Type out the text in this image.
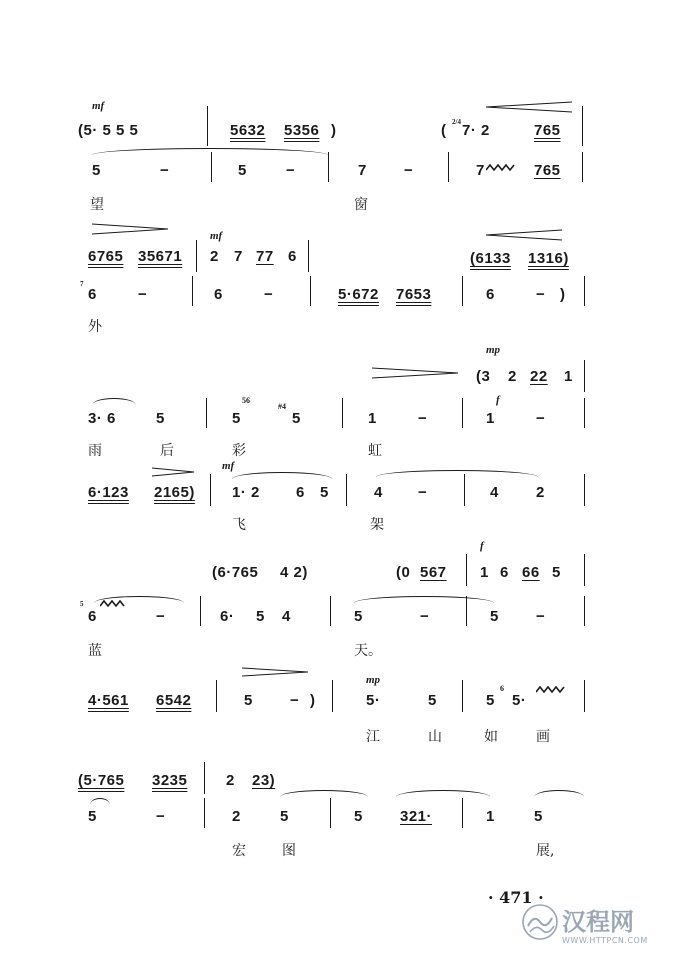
mf
(5· 5 5 5	5632 5356 )	( 7· 2	765
2/4
5	−	5	−	7 −	7	765
望	窗
mf
6765 35671 2 7 77 6	(6133 1316)
7
6	−	6	−	5·672 7653	6	− )
外
mp
(3 2 22 1
3· 6	5
56
5
#4
5	1	−
f
1	−
雨	后	彩	虹
mf
6·123 2165) 1· 2 6 5	4 −	4 2
飞	架
(6·765 4 2)
f
(0 567 1 6 66 5
5
6	−	6· 5 4	5	−	5 −
蓝	天。
mp
4·561 6542	5 − )	5·	5	5
6
5·
江	山	如	画
(5·765 3235	2 23)
5	−	2	5	5 321·	1	5
宏	图	展,
· 471 ·
汉程网
WWW.HTTPCN.COM
